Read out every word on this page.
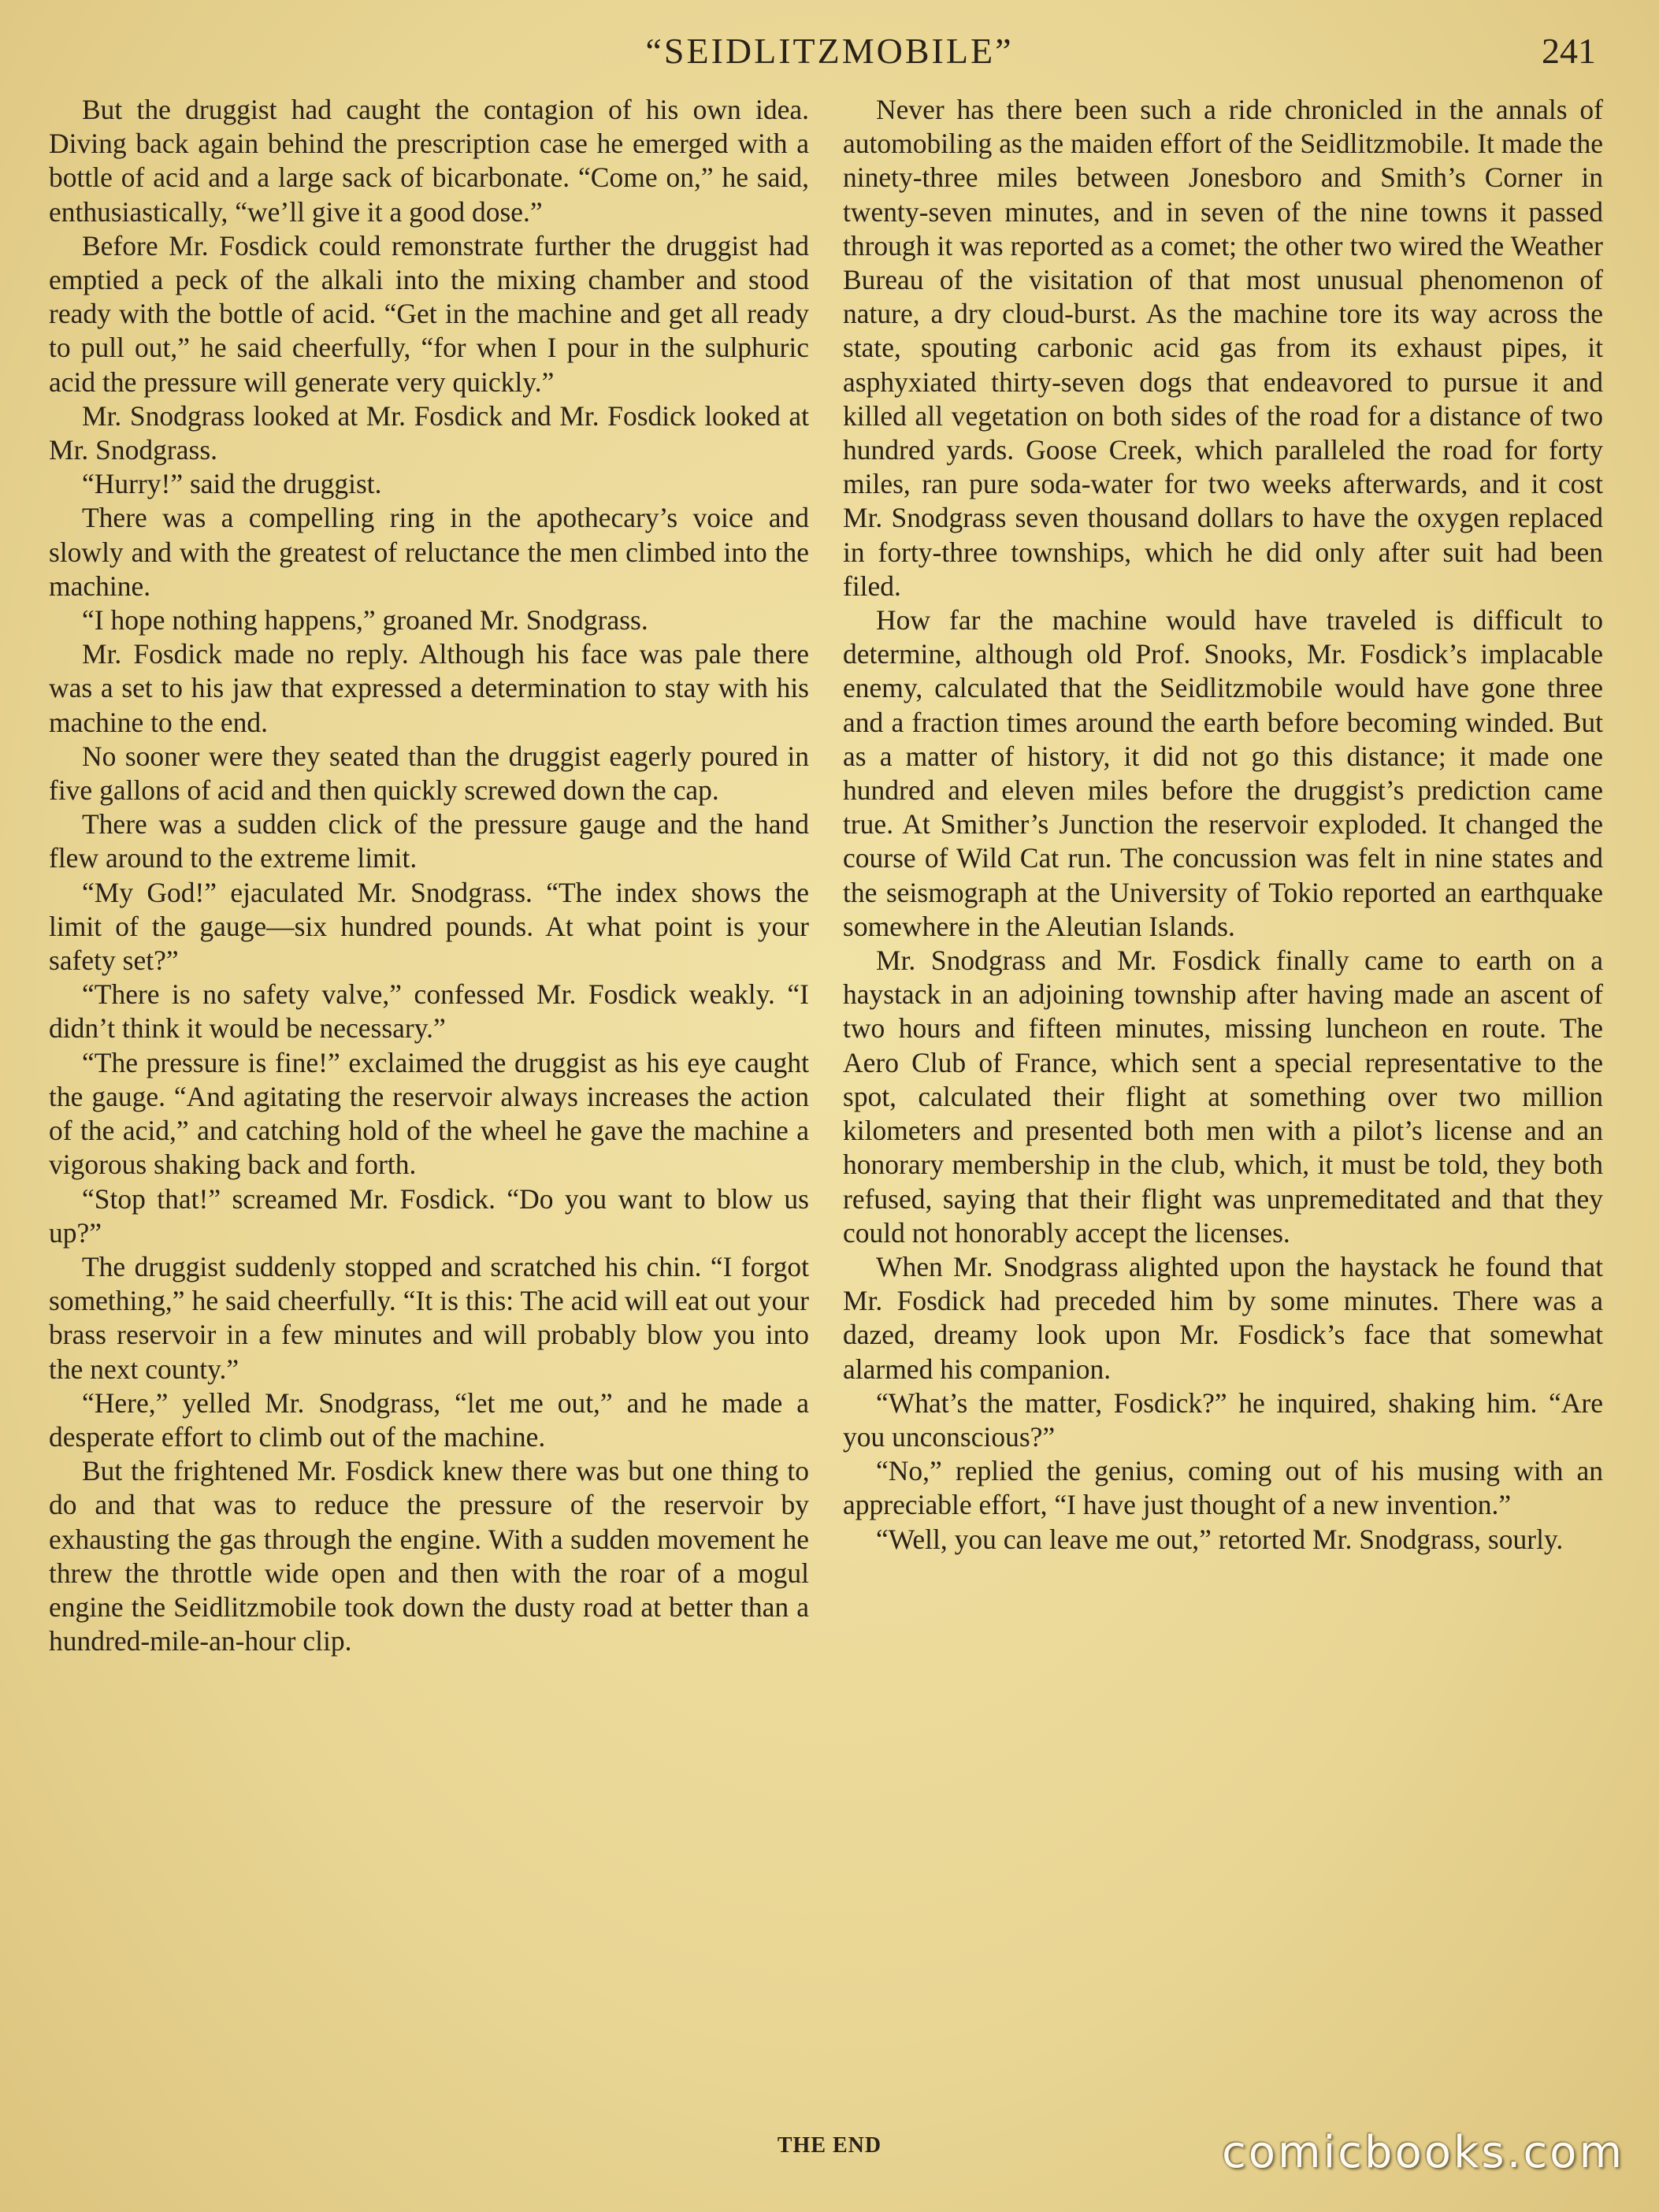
“SEIDLITZMOBILE”	241

But the druggist had caught the contagion of his own idea. Diving back again behind the prescription case he emerged with a bottle of acid and a large sack of bicarbonate. “Come on,” he said, enthusiastically, “we’ll give it a good dose.”

Before Mr. Fosdick could remonstrate further the druggist had emptied a peck of the alkali into the mixing chamber and stood ready with the bottle of acid. “Get in the machine and get all ready to pull out,” he said cheerfully, “for when I pour in the sulphuric acid the pressure will generate very quickly.”

Mr. Snodgrass looked at Mr. Fosdick and Mr. Fosdick looked at Mr. Snodgrass.

“Hurry!” said the druggist.

There was a compelling ring in the apothecary’s voice and slowly and with the greatest of reluctance the men climbed into the machine.

“I hope nothing happens,” groaned Mr. Snodgrass.

Mr. Fosdick made no reply. Although his face was pale there was a set to his jaw that expressed a determination to stay with his machine to the end.

No sooner were they seated than the druggist eagerly poured in five gallons of acid and then quickly screwed down the cap.

There was a sudden click of the pressure gauge and the hand flew around to the extreme limit.

“My God!” ejaculated Mr. Snodgrass. “The index shows the limit of the gauge—six hundred pounds. At what point is your safety set?”

“There is no safety valve,” confessed Mr. Fosdick weakly. “I didn’t think it would be necessary.”

“The pressure is fine!” exclaimed the druggist as his eye caught the gauge. “And agitating the reservoir always increases the action of the acid,” and catching hold of the wheel he gave the machine a vigorous shaking back and forth.

“Stop that!” screamed Mr. Fosdick. “Do you want to blow us up?”

The druggist suddenly stopped and scratched his chin. “I forgot something,” he said cheerfully. “It is this: The acid will eat out your brass reservoir in a few minutes and will probably blow you into the next county.”

“Here,” yelled Mr. Snodgrass, “let me out,” and he made a desperate effort to climb out of the machine.

But the frightened Mr. Fosdick knew there was but one thing to do and that was to reduce the pressure of the reservoir by exhausting the gas through the engine. With a sudden movement he threw the throttle wide open and then with the roar of a mogul engine the Seidlitzmobile took down the dusty road at better than a hundred-mile-an-hour clip.

Never has there been such a ride chronicled in the annals of automobiling as the maiden effort of the Seidlitzmobile. It made the ninety-three miles between Jonesboro and Smith’s Corner in twenty-seven minutes, and in seven of the nine towns it passed through it was reported as a comet; the other two wired the Weather Bureau of the visitation of that most unusual phenomenon of nature, a dry cloud-burst. As the machine tore its way across the state, spouting carbonic acid gas from its exhaust pipes, it asphyxiated thirty-seven dogs that endeavored to pursue it and killed all vegetation on both sides of the road for a distance of two hundred yards. Goose Creek, which paralleled the road for forty miles, ran pure soda-water for two weeks afterwards, and it cost Mr. Snodgrass seven thousand dollars to have the oxygen replaced in forty-three townships, which he did only after suit had been filed.

How far the machine would have traveled is difficult to determine, although old Prof. Snooks, Mr. Fosdick’s implacable enemy, calculated that the Seidlitzmobile would have gone three and a fraction times around the earth before becoming winded. But as a matter of history, it did not go this distance; it made one hundred and eleven miles before the druggist’s prediction came true. At Smither’s Junction the reservoir exploded. It changed the course of Wild Cat run. The concussion was felt in nine states and the seismograph at the University of Tokio reported an earthquake somewhere in the Aleutian Islands.

Mr. Snodgrass and Mr. Fosdick finally came to earth on a haystack in an adjoining township after having made an ascent of two hours and fifteen minutes, missing luncheon en route. The Aero Club of France, which sent a special representative to the spot, calculated their flight at something over two million kilometers and presented both men with a pilot’s license and an honorary membership in the club, which, it must be told, they both refused, saying that their flight was unpremeditated and that they could not honorably accept the licenses.

When Mr. Snodgrass alighted upon the haystack he found that Mr. Fosdick had preceded him by some minutes. There was a dazed, dreamy look upon Mr. Fosdick’s face that somewhat alarmed his companion.

“What’s the matter, Fosdick?” he inquired, shaking him. “Are you unconscious?”

“No,” replied the genius, coming out of his musing with an appreciable effort, “I have just thought of a new invention.”

“Well, you can leave me out,” retorted Mr. Snodgrass, sourly.

THE END	comicbooks.com
